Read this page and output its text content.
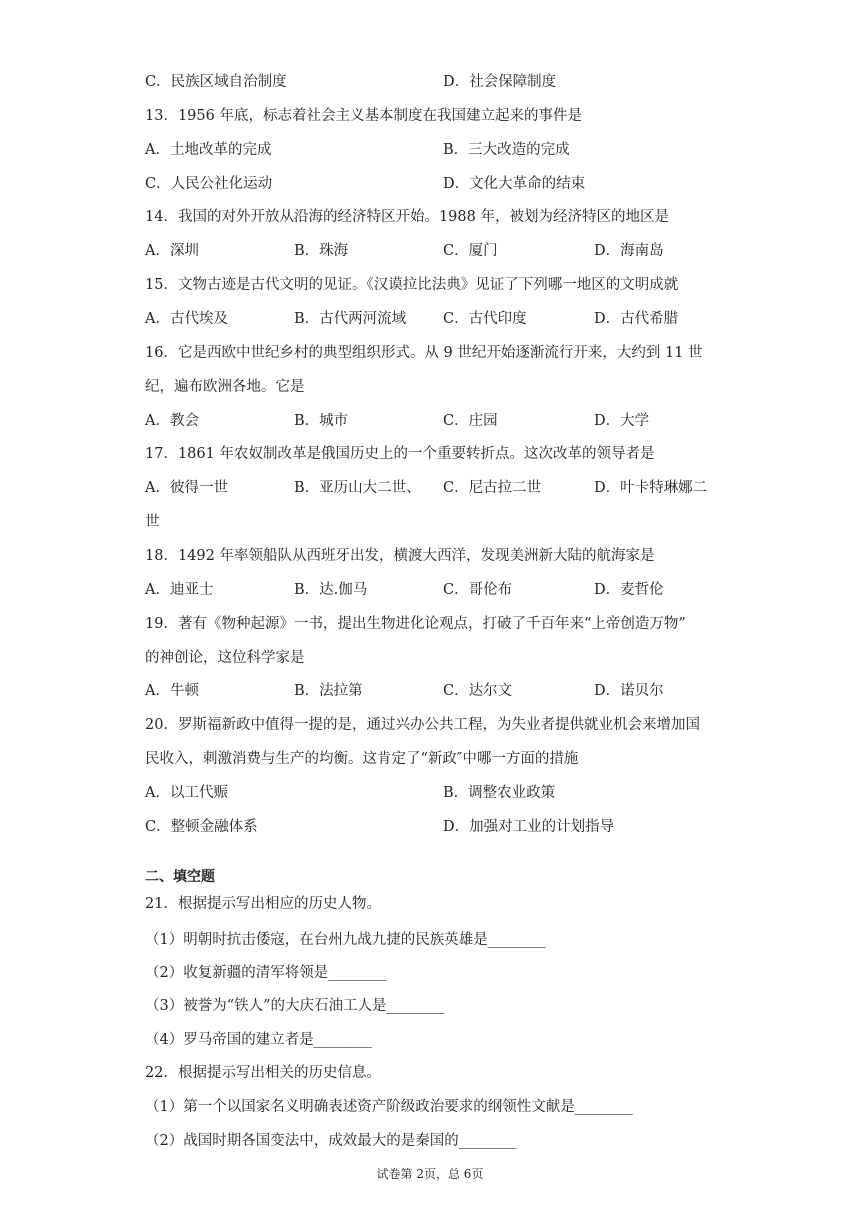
C．民族区域自治制度	D．社会保障制度
13．1956 年底，标志着社会主义基本制度在我国建立起来的事件是
A．土地改革的完成	B．三大改造的完成
C．人民公社化运动	D．文化大革命的结束
14．我国的对外开放从沿海的经济特区开始。1988 年，被划为经济特区的地区是
A．深圳	B．珠海	C．厦门	D．海南岛
15．文物古迹是古代文明的见证。《汉谟拉比法典》见证了下列哪一地区的文明成就
A．古代埃及	B．古代两河流域	C．古代印度	D．古代希腊
16．它是西欧中世纪乡村的典型组织形式。从 9 世纪开始逐渐流行开来，大约到 11 世
纪，遍布欧洲各地。它是
A．教会	B．城市	C．庄园	D．大学
17．1861 年农奴制改革是俄国历史上的一个重要转折点。这次改革的领导者是
A．彼得一世	B．亚历山大二世、 C．尼古拉二世	D．叶卡特琳娜二
世
18．1492 年率领船队从西班牙出发，横渡大西洋，发现美洲新大陆的航海家是
A．迪亚士	B．达.伽马	C．哥伦布	D．麦哲伦
19．著有《物种起源》一书，提出生物进化论观点，打破了千百年来“上帝创造万物”
的神创论，这位科学家是
A．牛顿	B．法拉第	C．达尔文	D．诺贝尔
20．罗斯福新政中值得一提的是，通过兴办公共工程，为失业者提供就业机会来增加国
民收入，刺激消费与生产的均衡。这肯定了“新政″中哪一方面的措施
A．以工代赈	B．调整农业政策
C．整顿金融体系	D．加强对工业的计划指导
二、填空题
21．根据提示写出相应的历史人物。
（1）明朝时抗击倭寇，在台州九战九捷的民族英雄是________
（2）收复新疆的清军将领是________
（3）被誉为“铁人”的大庆石油工人是________
（4）罗马帝国的建立者是________
22．根据提示写出相关的历史信息。
（1）第一个以国家名义明确表述资产阶级政治要求的纲领性文献是________
（2）战国时期各国变法中，成效最大的是秦国的________
试卷第 2页，总 6页
